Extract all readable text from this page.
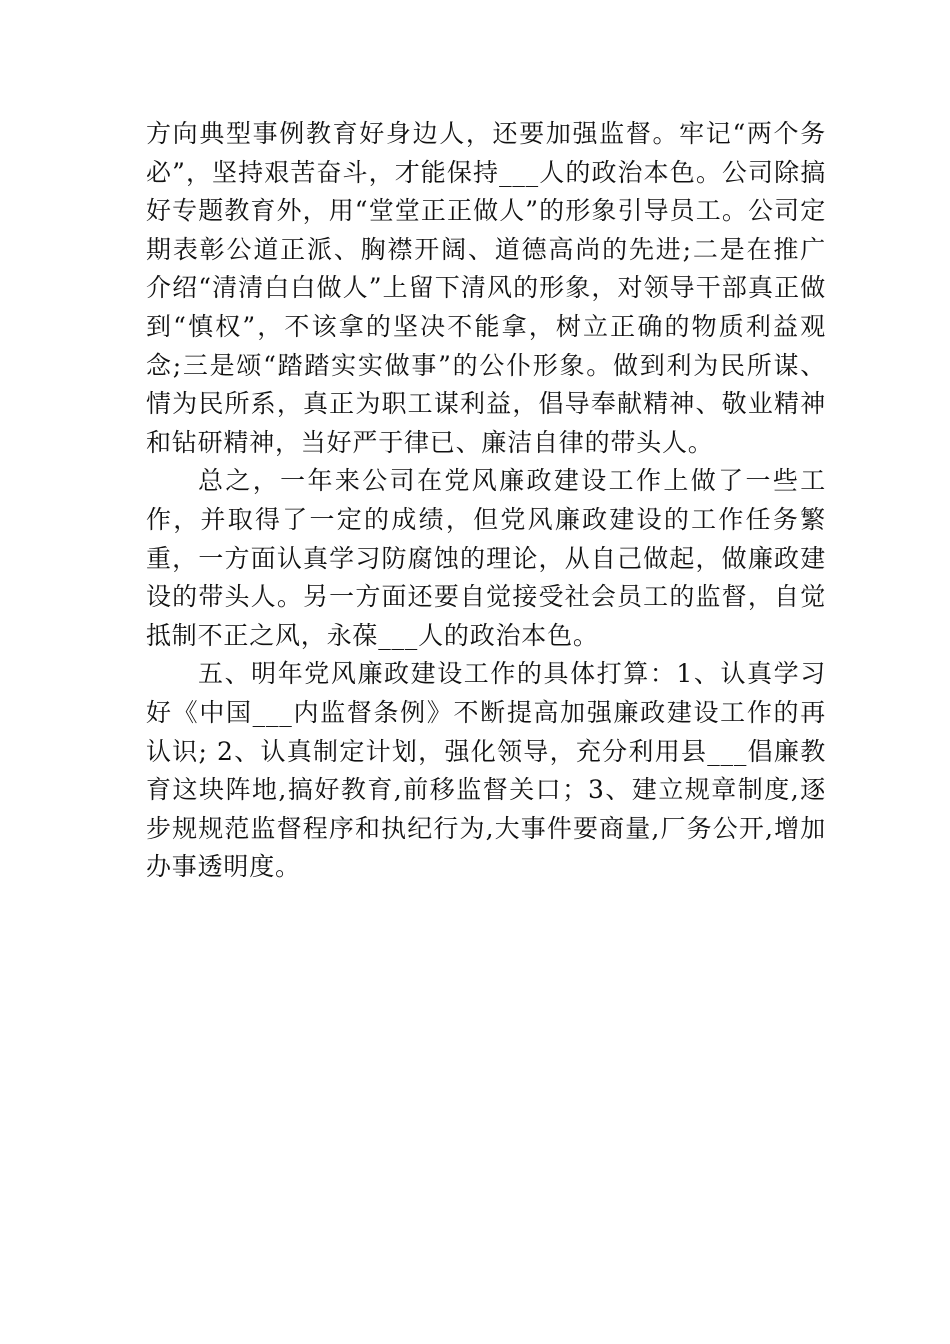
方向典型事例教育好身边人，还要加强监督。牢记“两个务必”，坚持艰苦奋斗，才能保持___人的政治本色。公司除搞好专题教育外，用“堂堂正正做人”的形象引导员工。公司定期表彰公道正派、胸襟开阔、道德高尚的先进;二是在推广介绍“清清白白做人”上留下清风的形象，对领导干部真正做到“慎权”，不该拿的坚决不能拿，树立正确的物质利益观念;三是颂“踏踏实实做事”的公仆形象。做到利为民所谋、情为民所系，真正为职工谋利益，倡导奉献精神、敬业精神和钻研精神，当好严于律已、廉洁自律的带头人。

总之，一年来公司在党风廉政建设工作上做了一些工作，并取得了一定的成绩，但党风廉政建设的工作任务繁重，一方面认真学习防腐蚀的理论，从自己做起，做廉政建设的带头人。另一方面还要自觉接受社会员工的监督，自觉抵制不正之风，永葆___人的政治本色。

五、明年党风廉政建设工作的具体打算：1、认真学习好《中国___内监督条例》不断提高加强廉政建设工作的再认识; 2、认真制定计划，强化领导，充分利用县___倡廉教育这块阵地,搞好教育,前移监督关口；3、建立规章制度,逐步规规范监督程序和执纪行为,大事件要商量,厂务公开,增加办事透明度。
